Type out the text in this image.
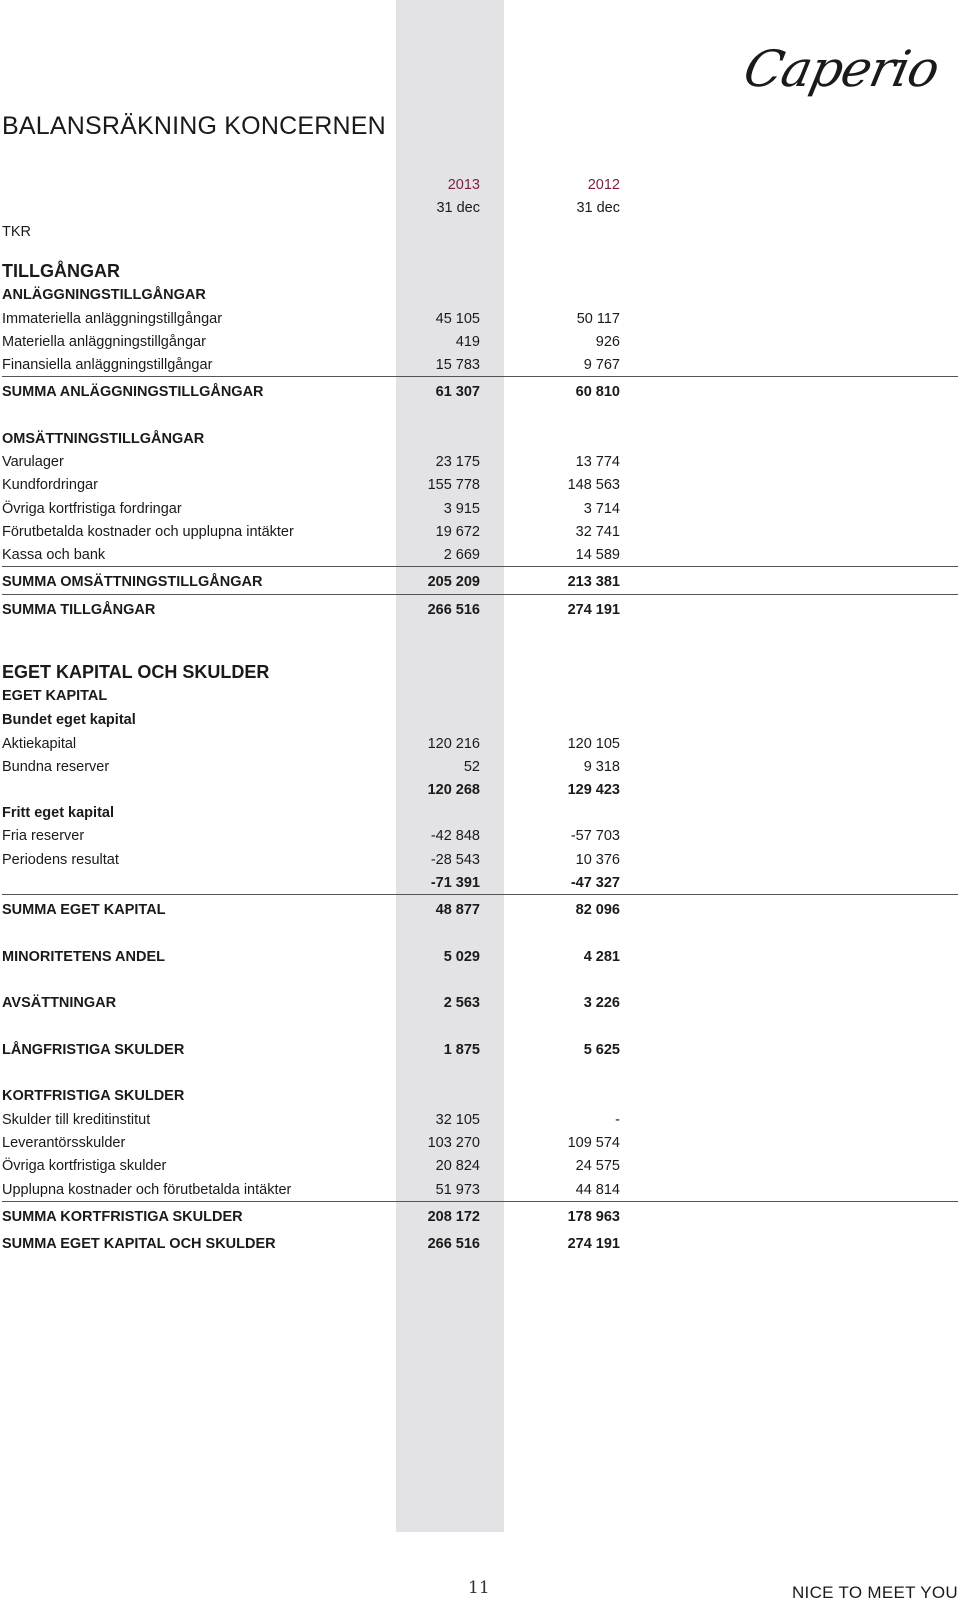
Caperio
BALANSRÄKNING KONCERNEN
2013	2012
31 dec	31 dec
TKR
TILLGÅNGAR
ANLÄGGNINGSTILLGÅNGAR
Immateriella anläggningstillgångar	45 105	50 117
Materiella anläggningstillgångar	419	926
Finansiella anläggningstillgångar	15 783	9 767
SUMMA ANLÄGGNINGSTILLGÅNGAR	61 307	60 810
OMSÄTTNINGSTILLGÅNGAR
Varulager	23 175	13 774
Kundfordringar	155 778	148 563
Övriga kortfristiga fordringar	3 915	3 714
Förutbetalda kostnader och upplupna intäkter	19 672	32 741
Kassa och bank	2 669	14 589
SUMMA OMSÄTTNINGSTILLGÅNGAR	205 209	213 381
SUMMA TILLGÅNGAR	266 516	274 191
EGET KAPITAL OCH SKULDER
EGET KAPITAL
Bundet eget kapital
Aktiekapital	120 216	120 105
Bundna reserver	52	9 318
120 268	129 423
Fritt eget kapital
Fria reserver	-42 848	-57 703
Periodens resultat	-28 543	10 376
-71 391	-47 327
SUMMA EGET KAPITAL	48 877	82 096
MINORITETENS ANDEL	5 029	4 281
AVSÄTTNINGAR	2 563	3 226
LÅNGFRISTIGA SKULDER	1 875	5 625
KORTFRISTIGA SKULDER
Skulder till kreditinstitut	32 105	-
Leverantörsskulder	103 270	109 574
Övriga kortfristiga skulder	20 824	24 575
Upplupna kostnader och förutbetalda intäkter	51 973	44 814
SUMMA KORTFRISTIGA SKULDER	208 172	178 963
SUMMA EGET KAPITAL OCH SKULDER	266 516	274 191
11	NICE TO MEET YOU
